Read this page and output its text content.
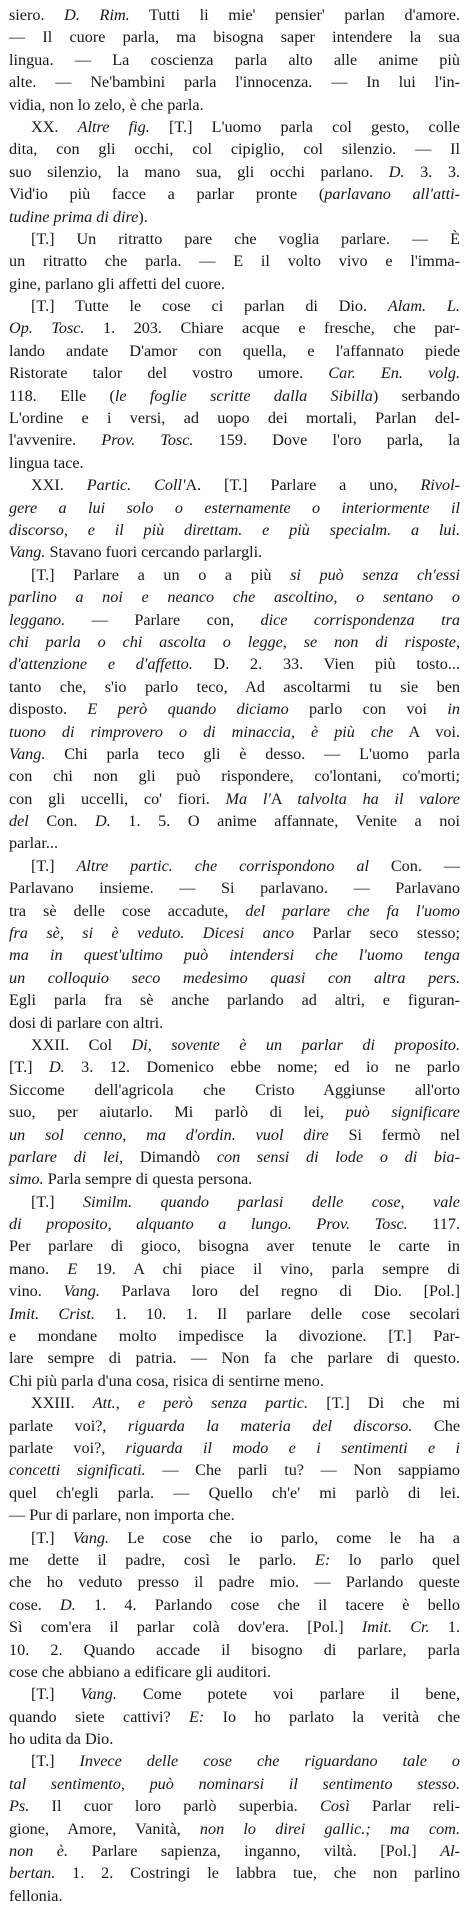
siero. D. Rim. Tutti li mie' pensier' parlan d'amore.
— Il cuore parla, ma bisogna saper intendere la sua
lingua. — La coscienza parla alto alle anime più
alte. — Ne'bambini parla l'innocenza. — In lui l'in-
vidia, non lo zelo, è che parla.
XX. Altre fig. [T.] L'uomo parla col gesto, colle
dita, con gli occhi, col cipiglio, col silenzio. — Il
suo silenzio, la mano sua, gli occhi parlano. D. 3. 3.
Vid'io più facce a parlar pronte (parlavano all'atti-
tudine prima di dire).
[T.] Un ritratto pare che voglia parlare. — È
un ritratto che parla. — E il volto vivo e l'imma-
gine, parlano gli affetti del cuore.
[T.] Tutte le cose ci parlan di Dio. Alam. L.
Op. Tosc. 1. 203. Chiare acque e fresche, che par-
lando andate D'amor con quella, e l'affannato piede
Ristorate talor del vostro umore. Car. En. volg.
118. Elle (le foglie scritte dalla Sibilla) serbando
L'ordine e i versi, ad uopo dei mortali, Parlan del-
l'avvenire. Prov. Tosc. 159. Dove l'oro parla, la
lingua tace.
XXI. Partic. Coll'A. [T.] Parlare a uno, Rivol-
gere a lui solo o esternamente o interiormente il
discorso, e il più direttam. e più specialm. a lui.
Vang. Stavano fuori cercando parlargli.
[T.] Parlare a un o a più si può senza ch'essi
parlino a noi e neanco che ascoltino, o sentano o
leggano. — Parlare con, dice corrispondenza tra
chi parla o chi ascolta o legge, se non di risposte,
d'attenzione e d'affetto. D. 2. 33. Vien più tosto...
tanto che, s'io parlo teco, Ad ascoltarmi tu sie ben
disposto. E però quando diciamo parlo con voi in
tuono di rimprovero o di minaccia, è più che A voi.
Vang. Chi parla teco gli è desso. — L'uomo parla
con chi non gli può rispondere, co'lontani, co'morti;
con gli uccelli, co' fiori. Ma l'A talvolta ha il valore
del Con. D. 1. 5. O anime affannate, Venite a noi
parlar...
[T.] Altre partic. che corrispondono al Con. —
Parlavano insieme. — Si parlavano. — Parlavano
tra sè delle cose accadute, del parlare che fa l'uomo
fra sè, si è veduto. Dicesi anco Parlar seco stesso;
ma in quest'ultimo può intendersi che l'uomo tenga
un colloquio seco medesimo quasi con altra pers.
Egli parla fra sè anche parlando ad altri, e figuran-
dosi di parlare con altri.
XXII. Col Di, sovente è un parlar di proposito.
[T.] D. 3. 12. Domenico ebbe nome; ed io ne parlo
Siccome dell'agricola che Cristo Aggiunse all'orto
suo, per aiutarlo. Mi parlò di lei, può significare
un sol cenno, ma d'ordin. vuol dire Si fermò nel
parlare di lei, Dimandò con sensi di lode o di bia-
simo. Parla sempre di questa persona.
[T.] Similm. quando parlasi delle cose, vale
di proposito, alquanto a lungo. Prov. Tosc. 117.
Per parlare di gioco, bisogna aver tenute le carte in
mano. E 19. A chi piace il vino, parla sempre di
vino. Vang. Parlava loro del regno di Dio. [Pol.]
Imit. Crist. 1. 10. 1. Il parlare delle cose secolari
e mondane molto impedisce la divozione. [T.] Par-
lare sempre di patria. — Non fa che parlare di questo.
Chi più parla d'una cosa, risica di sentirne meno.
XXIII. Att., e però senza partic. [T.] Di che mi
parlate voi?, riguarda la materia del discorso. Che
parlate voi?, riguarda il modo e i sentimenti e i
concetti significati. — Che parli tu? — Non sappiamo
quel ch'egli parla. — Quello ch'e' mi parlò di lei.
— Pur di parlare, non importa che.
[T.] Vang. Le cose che io parlo, come le ha a
me dette il padre, così le parlo. E: lo parlo quel
che ho veduto presso il padre mio. — Parlando queste
cose. D. 1. 4. Parlando cose che il tacere è bello
Sì com'era il parlar colà dov'era. [Pol.] Imit. Cr. 1.
10. 2. Quando accade il bisogno di parlare, parla
cose che abbiano a edificare gli auditori.
[T.] Vang. Come potete voi parlare il bene,
quando siete cattivi? E: Io ho parlato la verità che
ho udita da Dio.
[T.] Invece delle cose che riguardano tale o
tal sentimento, può nominarsi il sentimento stesso.
Ps. Il cuor loro parlò superbia. Così Parlar reli-
gione, Amore, Vanità, non lo direi gallic.; ma com.
non è. Parlare sapienza, inganno, viltà. [Pol.] Al-
bertan. 1. 2. Costringi le labbra tue, che non parlino
fellonia.
